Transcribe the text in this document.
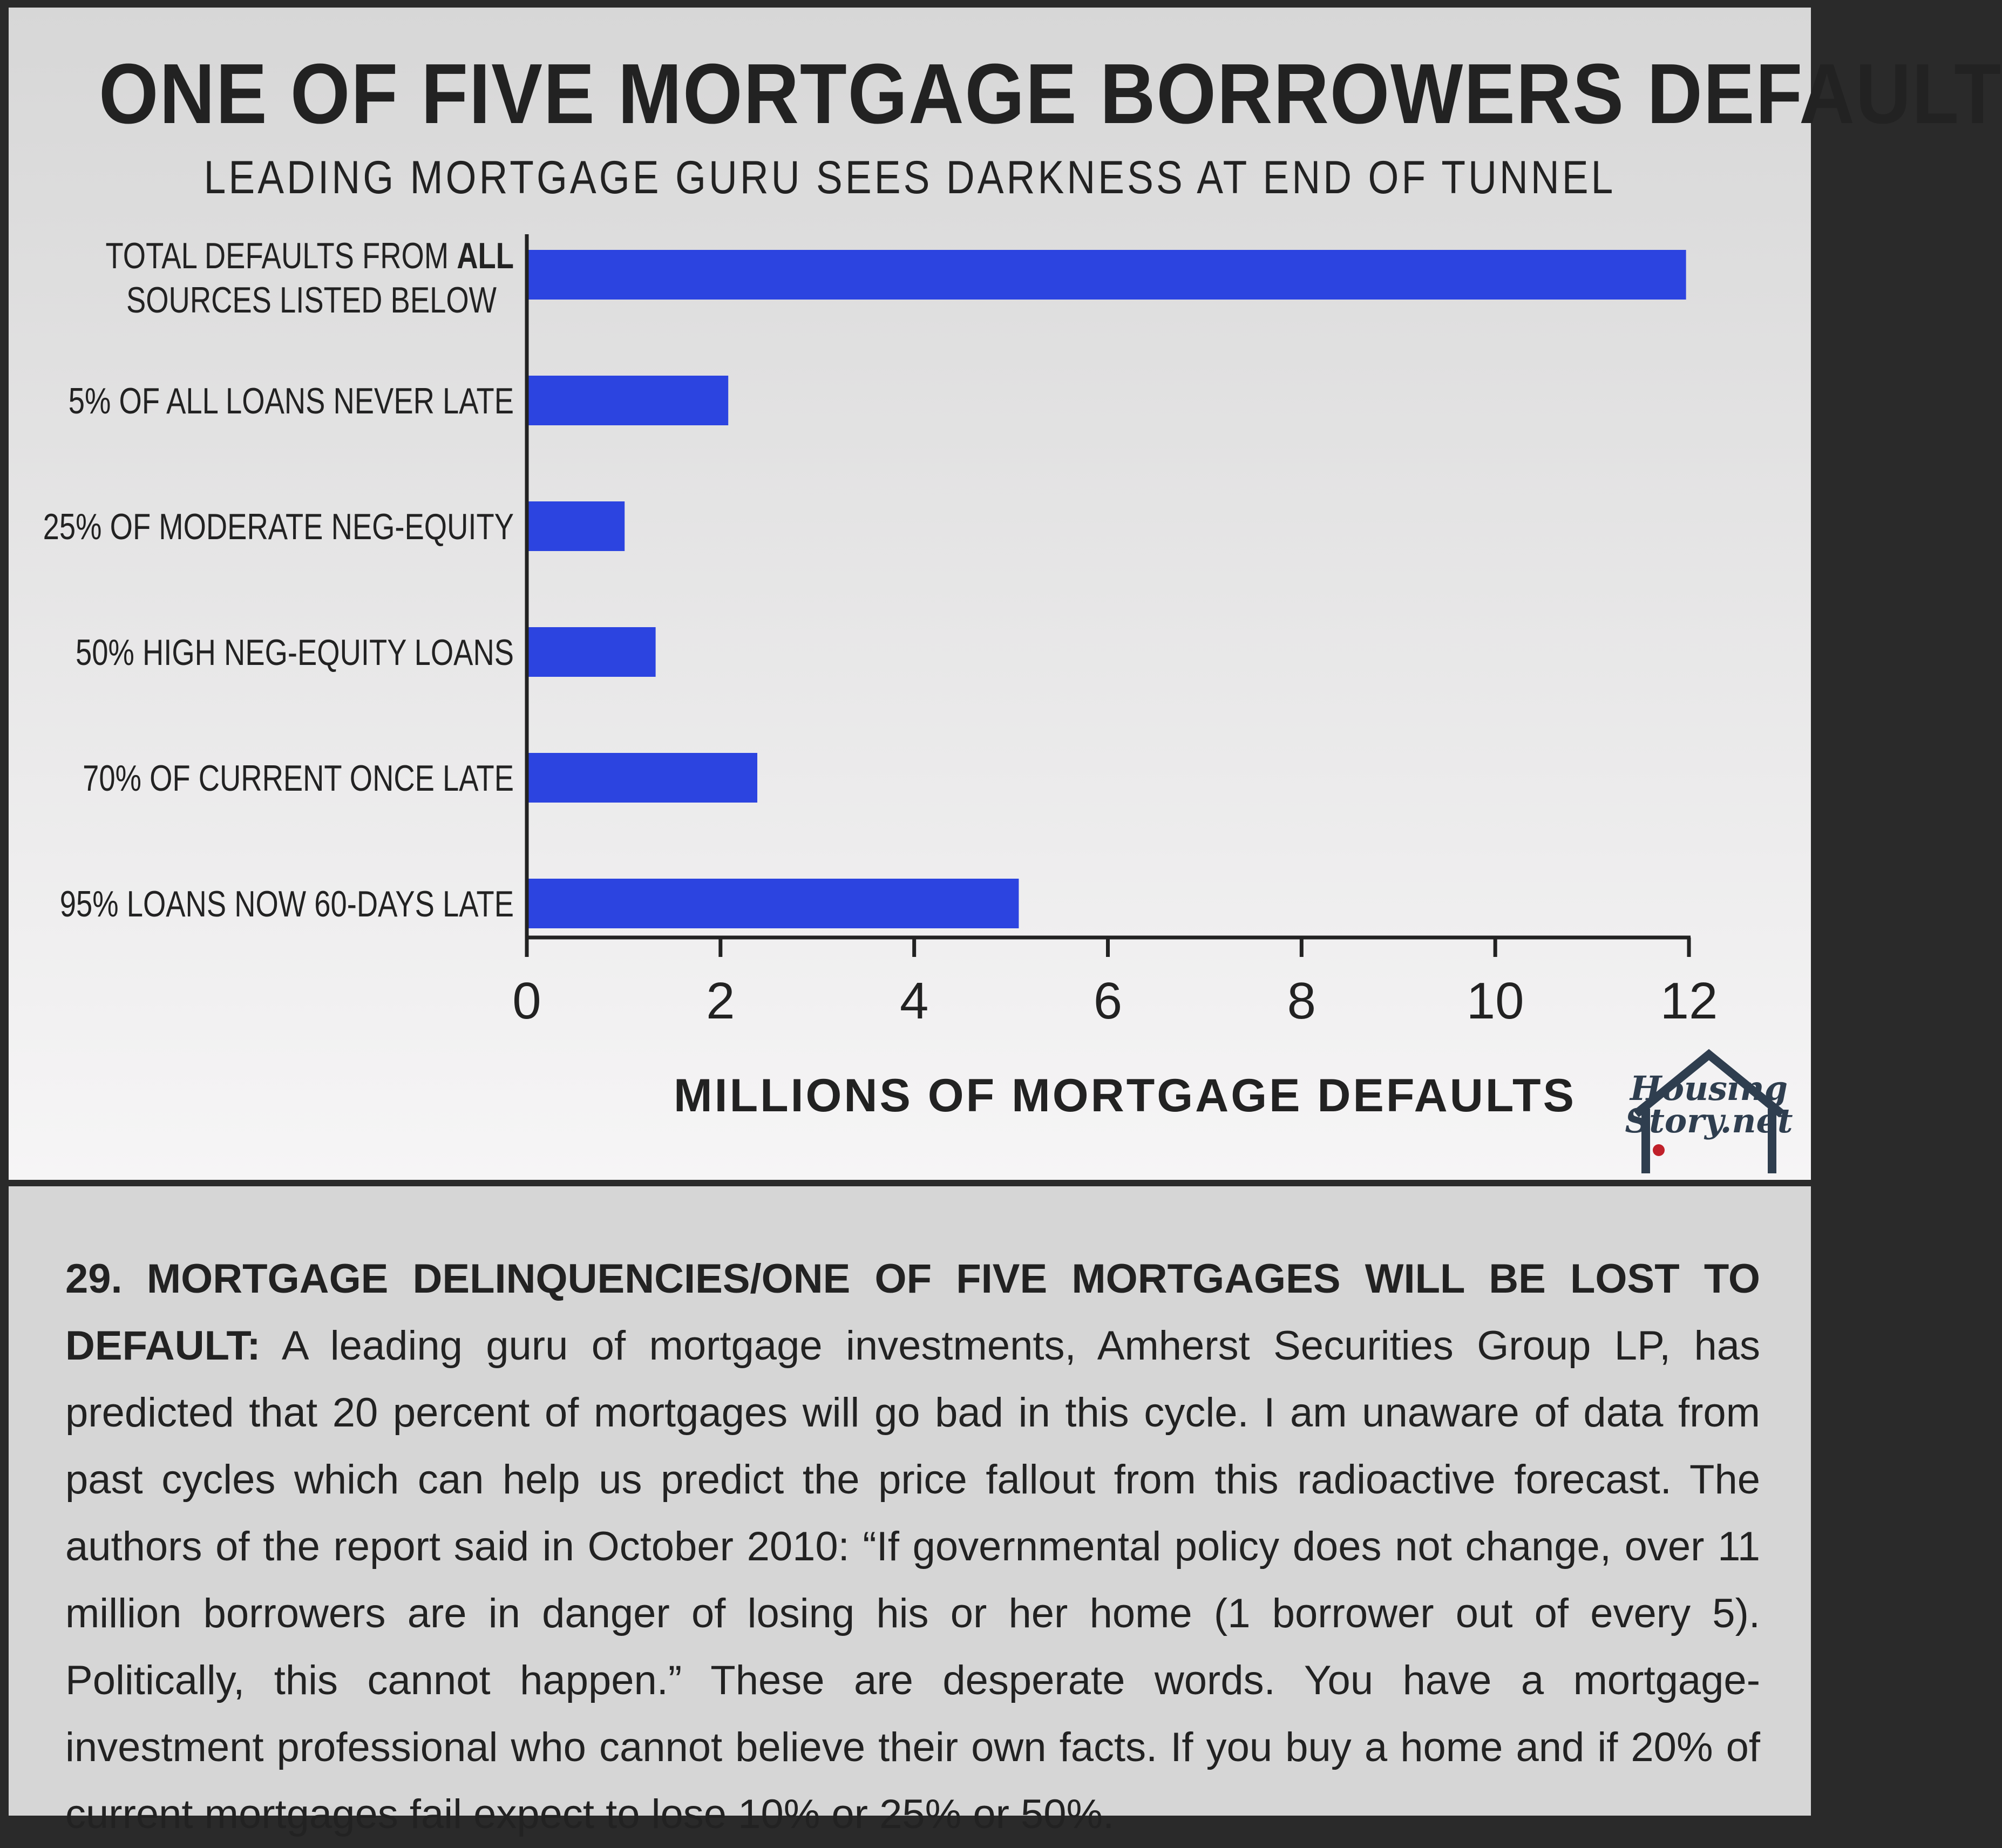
ONE OF FIVE MORTGAGE BORROWERS DEFAULT
LEADING MORTGAGE GURU SEES DARKNESS AT END OF TUNNEL
0	2	4	6	8	10	12
TOTAL DEFAULTS FROM ALL SOURCES LISTED BELOW
5% OF ALL LOANS NEVER LATE
25% OF MODERATE NEG-EQUITY
50% HIGH NEG-EQUITY LOANS
70% OF CURRENT ONCE LATE
95% LOANS NOW 60-DAYS LATE
MILLIONS OF MORTGAGE DEFAULTS	Housing
Story.net
29. MORTGAGE DELINQUENCIES/ONE OF FIVE MORTGAGES WILL BE LOST TO DEFAULT: A leading guru of mortgage investments, Amherst Securities Group LP, has predicted that 20 percent of mortgages will go bad in this cycle. I am unaware of data from past cycles which can help us predict the price fallout from this radioactive forecast. The authors of the report said in October 2010: “If governmental policy does not change, over 11 million borrowers are in danger of losing his or her home (1 borrower out of every 5). Politically, this cannot happen.” These are desperate words. You have a mortgage-investment professional who cannot believe their own facts. If you buy a home and if 20% of current mortgages fail expect to lose 10% or 25% or 50%.
